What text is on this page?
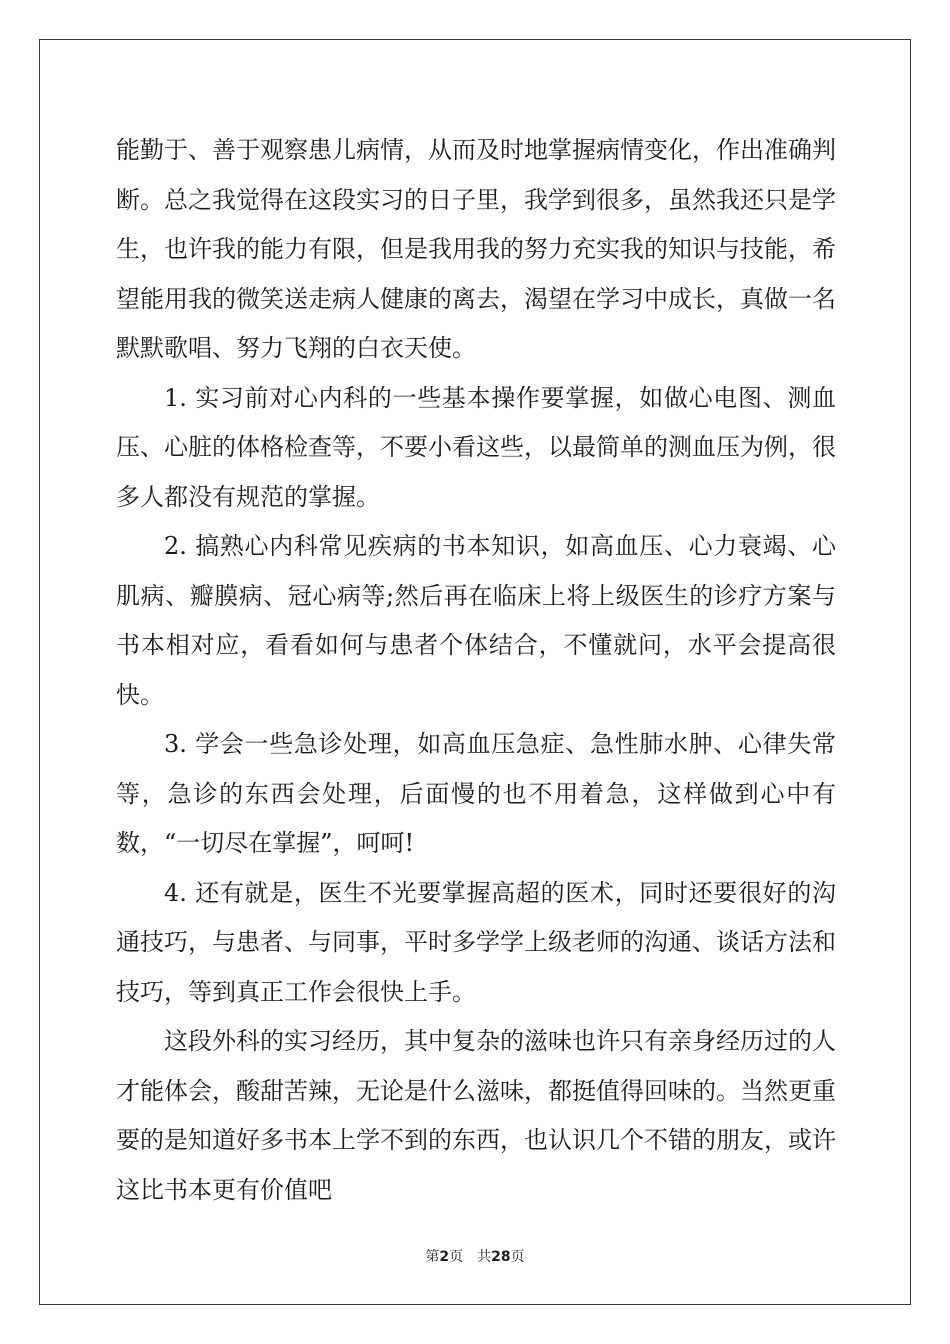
能勤于、善于观察患儿病情，从而及时地掌握病情变化，作出准确判断。总之我觉得在这段实习的日子里，我学到很多，虽然我还只是学生，也许我的能力有限，但是我用我的努力充实我的知识与技能，希望能用我的微笑送走病人健康的离去，渴望在学习中成长，真做一名默默歌唱、努力飞翔的白衣天使。

1. 实习前对心内科的一些基本操作要掌握，如做心电图、测血压、心脏的体格检查等，不要小看这些，以最简单的测血压为例，很多人都没有规范的掌握。

2. 搞熟心内科常见疾病的书本知识，如高血压、心力衰竭、心肌病、瓣膜病、冠心病等;然后再在临床上将上级医生的诊疗方案与书本相对应，看看如何与患者个体结合，不懂就问，水平会提高很快。

3. 学会一些急诊处理，如高血压急症、急性肺水肿、心律失常等，急诊的东西会处理，后面慢的也不用着急，这样做到心中有数，“一切尽在掌握”，呵呵!

4. 还有就是，医生不光要掌握高超的医术，同时还要很好的沟通技巧，与患者、与同事，平时多学学上级老师的沟通、谈话方法和技巧，等到真正工作会很快上手。

这段外科的实习经历，其中复杂的滋味也许只有亲身经历过的人才能体会，酸甜苦辣，无论是什么滋味，都挺值得回味的。当然更重要的是知道好多书本上学不到的东西，也认识几个不错的朋友，或许这比书本更有价值吧

第2页 共28页
